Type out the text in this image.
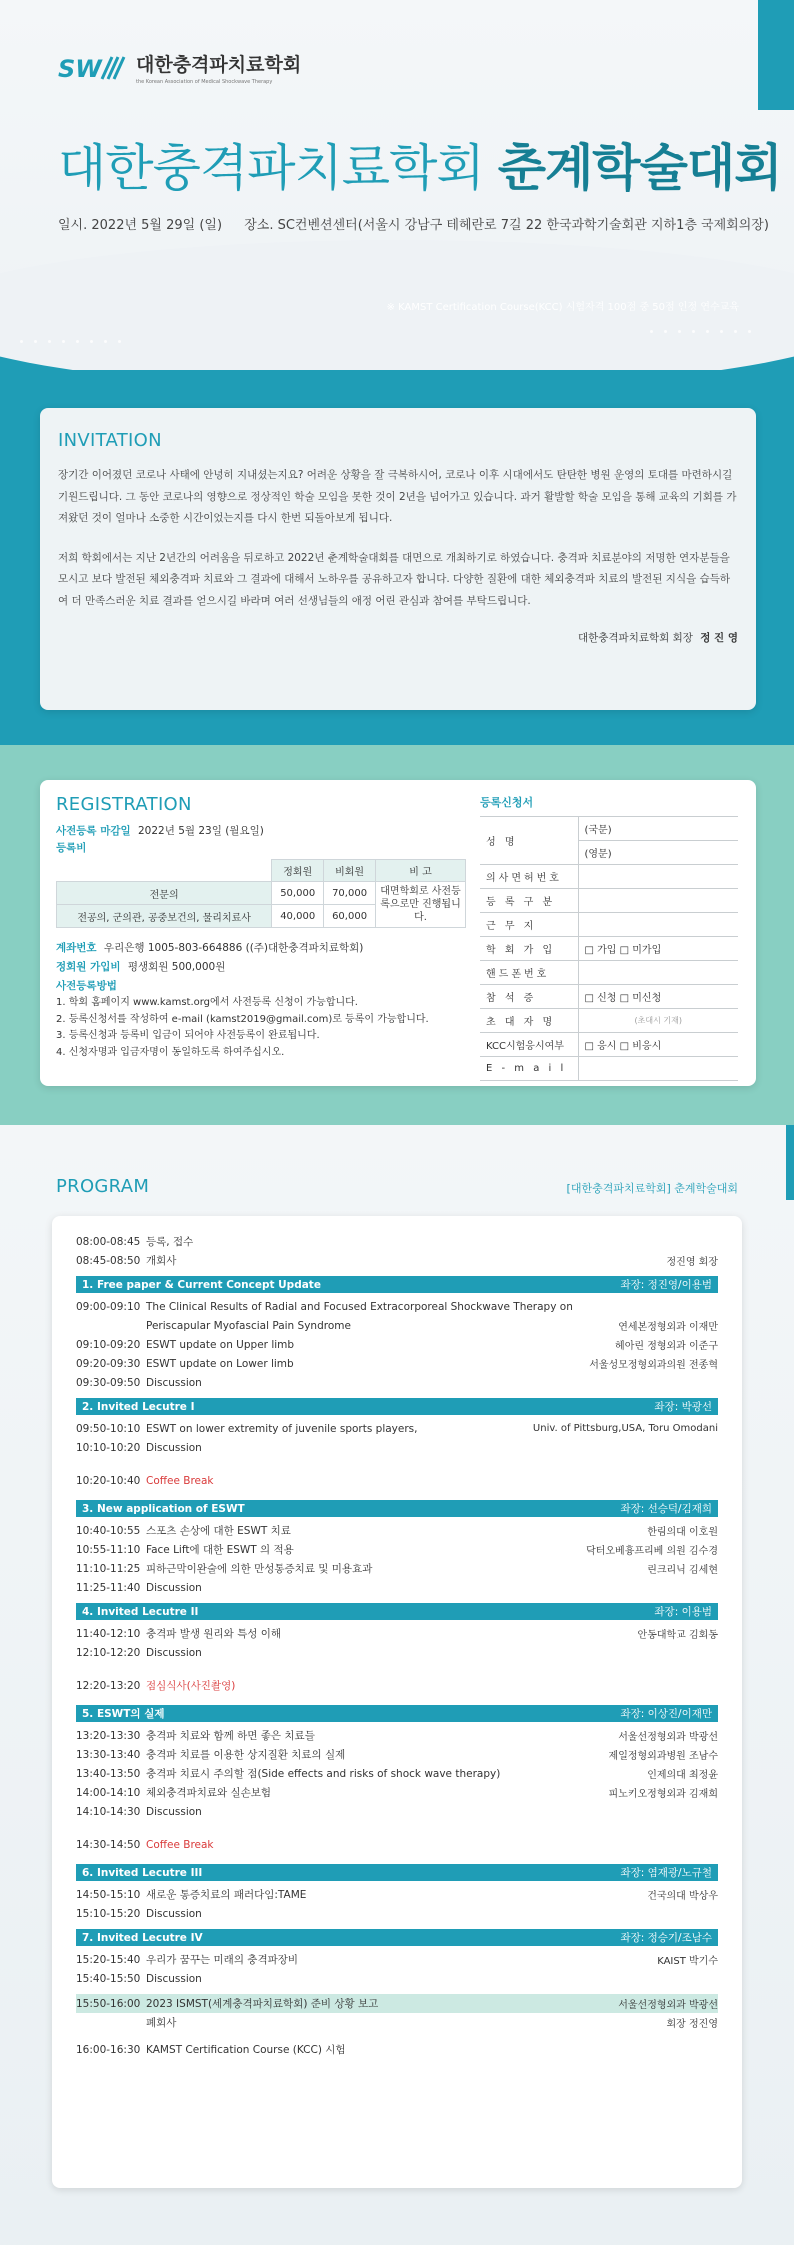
SW 대한충격파치료학회
the Korean Association of Medical Shockwave Therapy
대한충격파치료학회 춘계학술대회
일시. 2022년 5월 29일 (일) 장소. SC컨벤션센터(서울시 강남구 테헤란로 7길 22 한국과학기술회관 지하1층 국제회의장)
※ KAMST Certification Course(KCC) 시험자격 100점 중 50점 인정 연수교육
INVITATION

장기간 이어졌던 코로나 사태에 안녕히 지내셨는지요? 어려운 상황을 잘 극복하시어, 코로나 이후 시대에서도 탄탄한 병원 운영의 토대를 마련하시길 기원드립니다. 그 동안 코로나의 영향으로 정상적인 학술 모임을 못한 것이 2년을 넘어가고 있습니다. 과거 활발할 학술 모임을 통해 교육의 기회를 가져왔던 것이 얼마나 소중한 시간이었는지를 다시 한번 되돌아보게 됩니다.

저희 학회에서는 지난 2년간의 어려움을 뒤로하고 2022년 춘계학술대회를 대면으로 개최하기로 하였습니다. 충격파 치료분야의 저명한 연자분들을 모시고 보다 발전된 체외충격파 치료와 그 결과에 대해서 노하우를 공유하고자 합니다. 다양한 질환에 대한 체외충격파 치료의 발전된 지식을 습득하여 더 만족스러운 치료 결과를 얻으시길 바라며 여러 선생님들의 애정 어린 관심과 참여를 부탁드립니다.

대한충격파치료학회 회장 정 진 영
REGISTRATION
사전등록 마감일 2022년 5월 23일 (월요일)
등록비
	정회원	비회원	비 고
전문의	50,000	70,000	대면학회로 사전등록으로만 진행됩니다.
전공의, 군의관, 공중보건의, 물리치료사	40,000	60,000	
계좌번호 우리은행 1005-803-664886 ((주)대한충격파치료학회)
정회원 가입비 평생회원 500,000원
사전등록방법
1. 학회 홈페이지 www.kamst.org에서 사전등록 신청이 가능합니다.
2. 등록신청서를 작성하여 e-mail (kamst2019@gmail.com)로 등록이 가능합니다.
3. 등록신청과 등록비 입금이 되어야 사전등록이 완료됩니다.
4. 신청자명과 입금자명이 동일하도록 하여주십시오.
등록신청서
성 명	(국문)
	(영문)
의사면허번호	
등 록 구 분	
근 무 지	
학 회 가 입	□ 가입 □ 미가입
핸드폰번호	
참 석 증	□ 신청 □ 미신청
초 대 자 명	(초대시 기재)
KCC시험응시여부	□ 응시 □ 비응시
E - m a i l	
PROGRAM	[대한충격파치료학회] 춘계학술대회
08:00-08:45 등록, 접수
08:45-08:50 개회사	정진영 회장
1. Free paper & Current Concept Update	좌장: 정진영/이용범
09:00-09:10 The Clinical Results of Radial and Focused Extracorporeal Shockwave Therapy on
Periscapular Myofascial Pain Syndrome	연세본정형외과 이재만
09:10-09:20 ESWT update on Upper limb	헤아린 정형외과 이준구
09:20-09:30 ESWT update on Lower limb	서울성모정형외과의원 전종혁
09:30-09:50 Discussion
2. Invited Lecutre I	좌장: 박광선
09:50-10:10 ESWT on lower extremity of juvenile sports players,	Univ. of Pittsburg,USA, Toru Omodani
10:10-10:20 Discussion
10:20-10:40 Coffee Break
3. New application of ESWT	좌장: 선승덕/김재희
10:40-10:55 스포츠 손상에 대한 ESWT 치료	한림의대 이호원
10:55-11:10 Face Lift에 대한 ESWT 의 적용	닥터오베흉프리베 의원 김수경
11:10-11:25 피하근막이완술에 의한 만성통증치료 및 미용효과	린크리닉 김세현
11:25-11:40 Discussion
4. Invited Lecutre II	좌장: 이용범
11:40-12:10 충격파 발생 원리와 특성 이해	안동대학교 김회동
12:10-12:20 Discussion
12:20-13:20 점심식사(사진촬영)
5. ESWT의 실제	좌장: 이상진/이재만
13:20-13:30 충격파 치료와 함께 하면 좋은 치료들	서울선정형외과 박광선
13:30-13:40 충격파 치료를 이용한 상지질환 치료의 실제	제일정형외과병원 조남수
13:40-13:50 충격파 치료시 주의할 점(Side effects and risks of shock wave therapy)	인제의대 최정윤
14:00-14:10 체외충격파치료와 실손보험	피노키오정형외과 김재희
14:10-14:30 Discussion
14:30-14:50 Coffee Break
6. Invited Lecutre III	좌장: 염재광/노규철
14:50-15:10 새로운 통증치료의 패러다임:TAME	건국의대 박상우
15:10-15:20 Discussion
7. Invited Lecutre IV	좌장: 정승기/조남수
15:20-15:40 우리가 꿈꾸는 미래의 충격파장비	KAIST 박기수
15:40-15:50 Discussion
15:50-16:00 2023 ISMST(세계충격파치료학회) 준비 상황 보고	서울선정형외과 박광선
폐회사	회장 정진영
16:00-16:30 KAMST Certification Course (KCC) 시험
